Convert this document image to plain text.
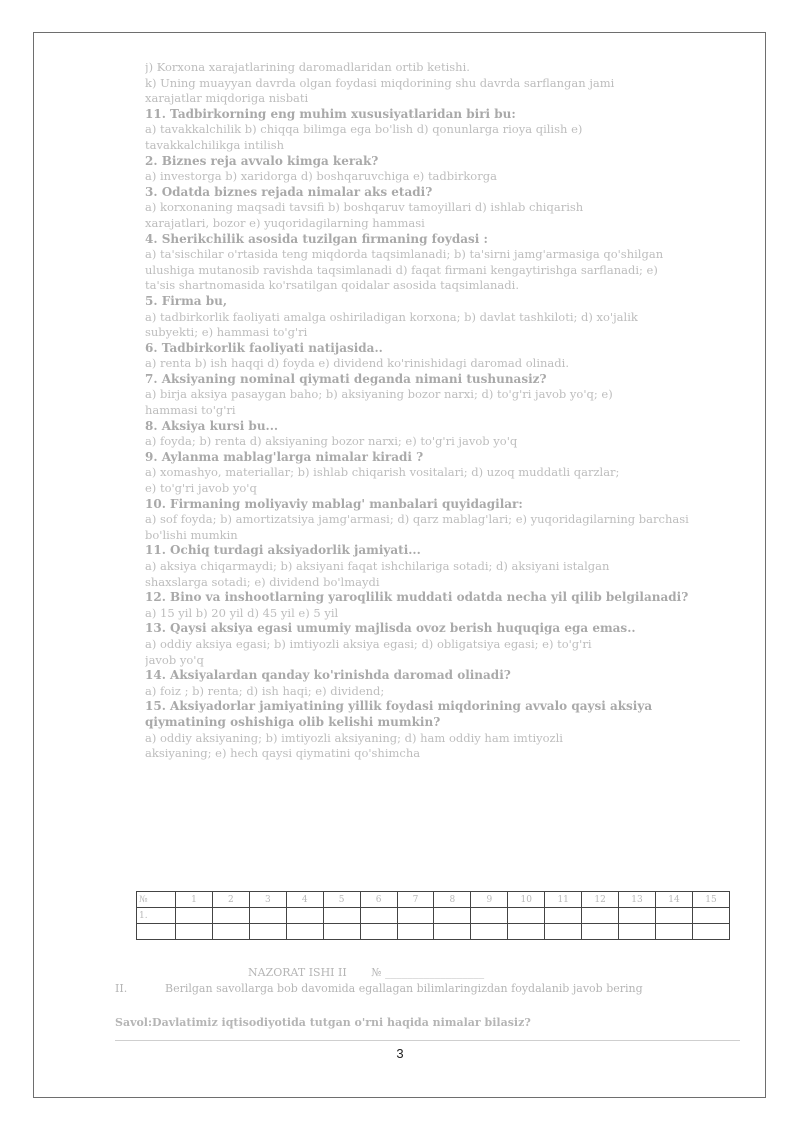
j) Korxona xarajatlarining daromadlaridan ortib ketishi.
k) Uning muayyan davrda olgan foydasi miqdorining shu davrda sarflangan jami
xarajatlar miqdoriga nisbati
11. Tadbirkorning eng muhim xususiyatlaridan biri bu:
a) tavakkalchilik b) chiqqa bilimga ega bo'lish d) qonunlarga rioya qilish e)
tavakkalchilikga intilish
2. Biznes reja avvalo kimga kerak?
a) investorga b) xaridorga d) boshqaruvchiga e) tadbirkorga
3. Odatda biznes rejada nimalar aks etadi?
a) korxonaning maqsadi tavsifi b) boshqaruv tamoyillari d) ishlab chiqarish
xarajatlari, bozor e) yuqoridagilarning hammasi
4. Sherikchilik asosida tuzilgan firmaning foydasi :
a) ta'sischilar o'rtasida teng miqdorda taqsimlanadi; b) ta'sirni jamg'armasiga qo'shilgan
ulushiga mutanosib ravishda taqsimlanadi d) faqat firmani kengaytirishga sarflanadi; e)
ta'sis shartnomasida ko'rsatilgan qoidalar asosida taqsimlanadi.
5. Firma bu,
a) tadbirkorlik faoliyati amalga oshiriladigan korxona; b) davlat tashkiloti; d) xo'jalik
subyekti; e) hammasi to'g'ri
6. Tadbirkorlik faoliyati natijasida..
a) renta b) ish haqqi d) foyda e) dividend ko'rinishidagi daromad olinadi.
7. Aksiyaning nominal qiymati deganda nimani tushunasiz?
a) birja aksiya pasaygan baho; b) aksiyaning bozor narxi; d) to'g'ri javob yo'q; e)
hammasi to'g'ri
8. Aksiya kursi bu...
a) foyda; b) renta d) aksiyaning bozor narxi; e) to'g'ri javob yo'q
9. Aylanma mablag'larga nimalar kiradi ?
a) xomashyo, materiallar; b) ishlab chiqarish vositalari; d) uzoq muddatli qarzlar;
e) to'g'ri javob yo'q
10. Firmaning moliyaviy mablag' manbalari quyidagilar:
a) sof foyda; b) amortizatsiya jamg'armasi; d) qarz mablag'lari; e) yuqoridagilarning barchasi
bo'lishi mumkin
11. Ochiq turdagi aksiyadorlik jamiyati...
a) aksiya chiqarmaydi; b) aksiyani faqat ishchilariga sotadi; d) aksiyani istalgan
shaxslarga sotadi; e) dividend bo'lmaydi
12. Bino va inshootlarning yaroqlilik muddati odatda necha yil qilib belgilanadi?
a) 15 yil b) 20 yil d) 45 yil e) 5 yil
13. Qaysi aksiya egasi umumiy majlisda ovoz berish huquqiga ega emas..
a) oddiy aksiya egasi; b) imtiyozli aksiya egasi; d) obligatsiya egasi; e) to'g'ri
javob yo'q
14. Aksiyalardan qanday ko'rinishda daromad olinadi?
a) foiz ; b) renta; d) ish haqi; e) dividend;
15. Aksiyadorlar jamiyatining yillik foydasi miqdorining avvalo qaysi aksiya
qiymatining oshishiga olib kelishi mumkin?
a) oddiy aksiyaning; b) imtiyozli aksiyaning; d) ham oddiy ham imtiyozli
aksiyaning; e) hech qaysi qiymatini qo'shimcha
№	1	2	3	4	5	6	7	8	9	10	11	12	13	14	15
1.															

NAZORAT ISHI II № __________________
II.	Berilgan savollarga bob davomida egallagan bilimlaringizdan foydalanib javob bering
Savol:Davlatimiz iqtisodiyotida tutgan o'rni haqida nimalar bilasiz?
3
